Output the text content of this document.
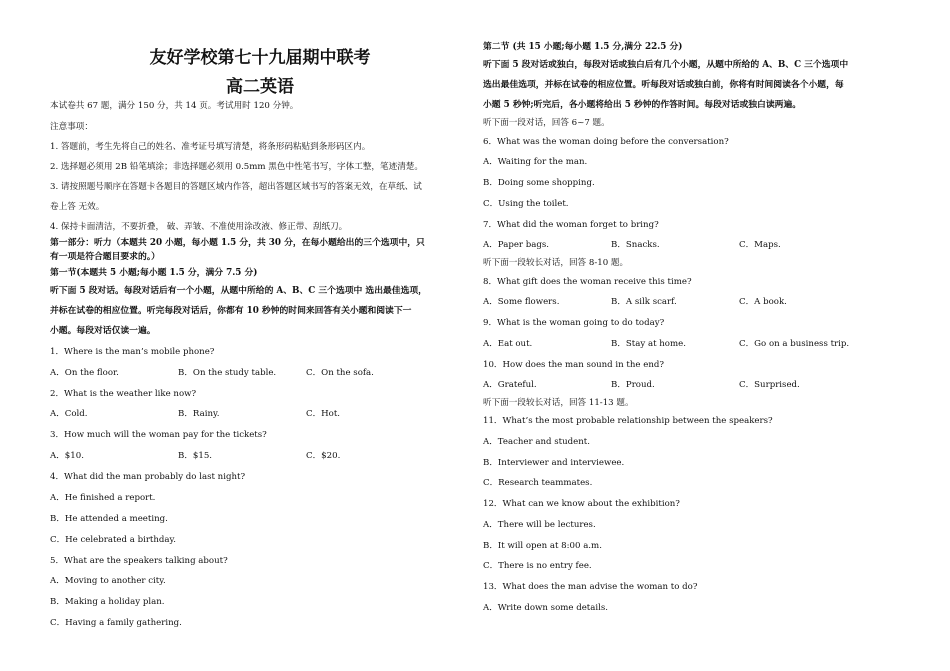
友好学校第七十九届期中联考
高二英语
本试卷共 67 题，满分 150 分，共 14 页。考试用时 120 分钟。
注意事项：
1. 答题前，考生先将自己的姓名、准考证号填写清楚，将条形码粘贴到条形码区内。
2. 选择题必须用 2B 铅笔填涂；非选择题必须用 0.5mm 黑色中性笔书写，字体工整，笔迹清楚。
3. 请按照题号顺序在答题卡各题目的答题区域内作答，超出答题区域书写的答案无效，在草纸、试
卷上答 无效。
4. 保持卡面清洁，不要折叠， 破、弄皱、不准使用涂改液、修正带、刮纸刀。
第一部分：听力（本题共 20 小题，每小题 1.5 分，共 30 分，在每小题给出的三个选项中，只
有一项是符合题目要求的。）
第一节(本题共 5 小题;每小题 1.5 分，满分 7.5 分)
听下面 5 段对话。每段对话后有一个小题，从题中所给的 A、B、C 三个选项中 选出最佳选项，
并标在试卷的相应位置。听完每段对话后，你都有 10 秒钟的时间来回答有关小题和阅读下一
小题。每段对话仅读一遍。
1．Where is the man’s mobile phone?
A．On the floor.	B．On the study table.	C．On the sofa.
2．What is the weather like now?
A．Cold.	B．Rainy.	C．Hot.
3．How much will the woman pay for the tickets?
A．$10.	B．$15.	C．$20.
4．What did the man probably do last night?
A．He finished a report.
B．He attended a meeting.
C．He celebrated a birthday.
5．What are the speakers talking about?
A．Moving to another city.
B．Making a holiday plan.
C．Having a family gathering.
第二节 (共 15 小题;每小题 1.5 分,满分 22.5 分)
听下面 5 段对话或独白，每段对话或独白后有几个小题，从题中所给的 A、B、C 三个选项中
选出最佳选项，并标在试卷的相应位置。听每段对话或独白前，你将有时间阅读各个小题，每
小题 5 秒钟;听完后，各小题将给出 5 秒钟的作答时间。每段对话或独白读两遍。
听下面一段对话，回答 6~7 题。
6．What was the woman doing before the conversation?
A．Waiting for the man.
B．Doing some shopping.
C．Using the toilet.
7．What did the woman forget to bring?
A．Paper bags.	B．Snacks.	C．Maps.
听下面一段较长对话，回答 8-10 题。
8．What gift does the woman receive this time?
A．Some flowers.	B．A silk scarf.	C．A book.
9．What is the woman going to do today?
A．Eat out.	B．Stay at home.	C．Go on a business trip.
10．How does the man sound in the end?
A．Grateful.	B．Proud.	C．Surprised.
听下面一段较长对话，回答 11-13 题。
11．What’s the most probable relationship between the speakers?
A．Teacher and student.
B．Interviewer and interviewee.
C．Research teammates.
12．What can we know about the exhibition?
A．There will be lectures.
B．It will open at 8:00 a.m.
C．There is no entry fee.
13．What does the man advise the woman to do?
A．Write down some details.
